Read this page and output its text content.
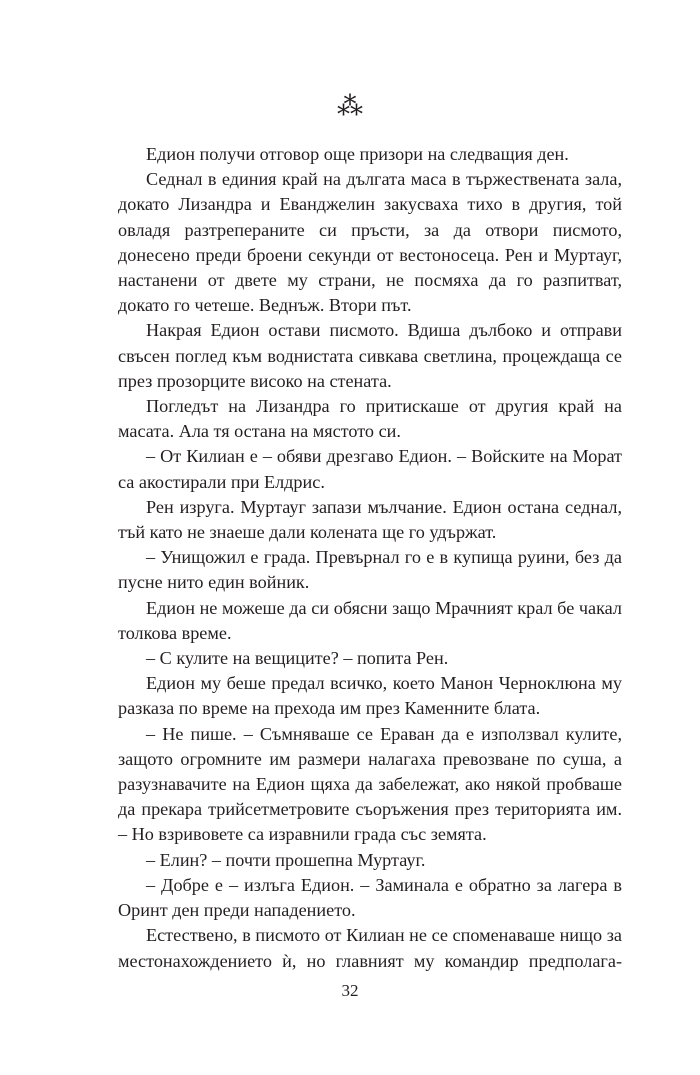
⁂

Едион получи отговор още призори на следващия ден.

Седнал в единия край на дългата маса в тържествената зала, докато Лизандра и Еванджелин закусваха тихо в другия, той овладя разтреперaните си пръсти, за да отвори писмото, донесено преди броени секунди от вестоносеца. Рен и Муртауг, настанени от двете му страни, не посмяха да го разпитват, докато го четеше. Веднъж. Втори път.

Накрая Едион остави писмото. Вдиша дълбоко и отправи свъсен поглед към воднистата сивкава светлина, процеждаща се през прозорците високо на стената.

Погледът на Лизандра го притискаше от другия край на масата. Ала тя остана на мястото си.

– От Килиан е – обяви дрезгаво Едион. – Войските на Морат са акостирали при Елдрис.

Рен изруга. Муртауг запази мълчание. Едион остана седнал, тъй като не знаеше дали колената ще го удържат.

– Унищожил е града. Превърнал го е в купища руини, без да пусне нито един войник.

Едион не можеше да си обясни защо Мрачният крал бе чакал толкова време.

– С кулите на вещиците? – попита Рен.

Едион му беше предал всичко, което Манон Черноклюна му разказа по време на прехода им през Каменните блата.

– Не пише. – Съмняваше се Ераван да е използвал кулите, защото огромните им размери налагаха превозване по суша, а разузнавачите на Едион щяха да забележат, ако някой пробваше да прекара трийсетметровите съоръжения през територията им. – Но взривовете са изравнили града със земята.

– Елин? – почти прошепна Муртауг.

– Добре е – излъга Едион. – Заминала е обратно за лагера в Оринт ден преди нападението.

Естествено, в писмото от Килиан не се споменаваше нищо за местонахождението ѝ, но главният му командир предполага-

32
